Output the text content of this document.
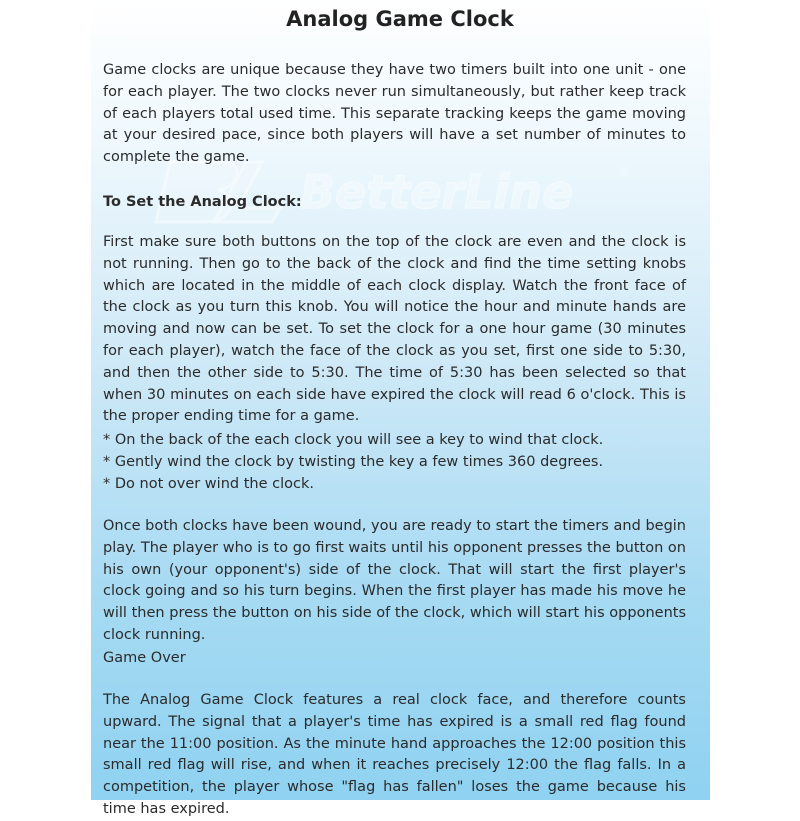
Analog Game Clock
BetterLine	®

Game clocks are unique because they have two timers built into one unit - one for each player. The two clocks never run simultaneously, but rather keep track of each players total used time. This separate tracking keeps the game moving at your desired pace, since both players will have a set number of minutes to complete the game.

To Set the Analog Clock:

First make sure both buttons on the top of the clock are even and the clock is not running. Then go to the back of the clock and find the time setting knobs which are located in the middle of each clock display. Watch the front face of the clock as you turn this knob. You will notice the hour and minute hands are moving and now can be set. To set the clock for a one hour game (30 minutes for each player), watch the face of the clock as you set, first one side to 5:30, and then the other side to 5:30. The time of 5:30 has been selected so that when 30 minutes on each side have expired the clock will read 6 o'clock. This is the proper ending time for a game.

* On the back of the each clock you will see a key to wind that clock.
* Gently wind the clock by twisting the key a few times 360 degrees.
* Do not over wind the clock.

Once both clocks have been wound, you are ready to start the timers and begin play. The player who is to go first waits until his opponent presses the button on his own (your opponent's) side of the clock. That will start the first player's clock going and so his turn begins. When the first player has made his move he will then press the button on his side of the clock, which will start his opponents clock running.

Game Over

The Analog Game Clock features a real clock face, and therefore counts upward. The signal that a player's time has expired is a small red flag found near the 11:00 position. As the minute hand approaches the 12:00 position this small red flag will rise, and when it reaches precisely 12:00 the flag falls. In a competition, the player whose "flag has fallen" loses the game because his time has expired.
